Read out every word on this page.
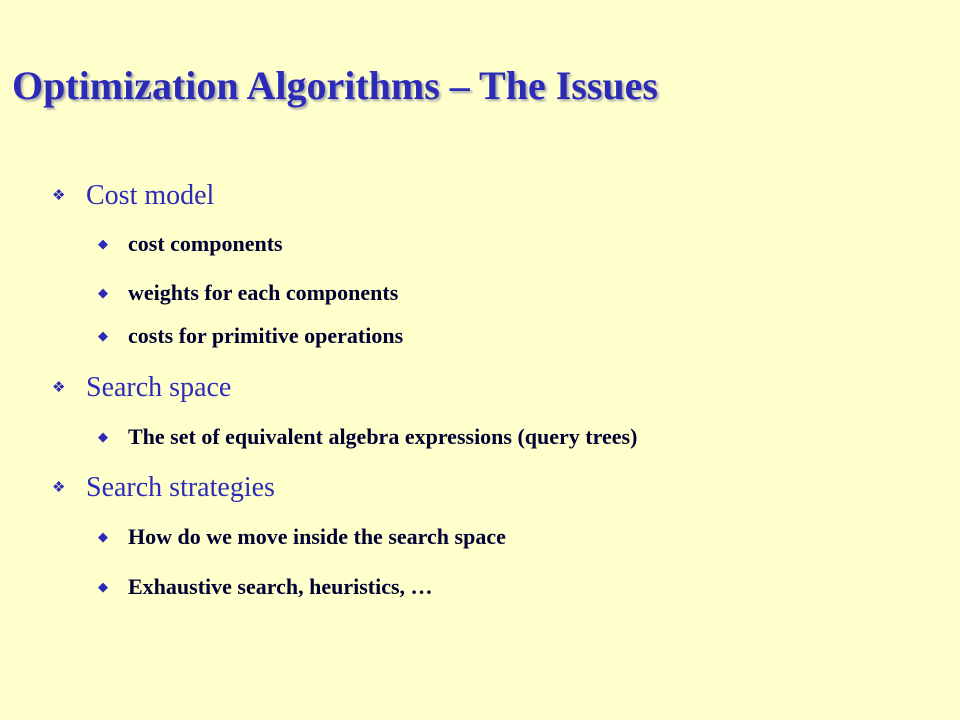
Optimization Algorithms – The Issues
❖ Cost model
◆ cost components
◆ weights for each components
◆ costs for primitive operations
❖ Search space
◆ The set of equivalent algebra expressions (query trees)
❖ Search strategies
◆ How do we move inside the search space
◆ Exhaustive search, heuristics, …
